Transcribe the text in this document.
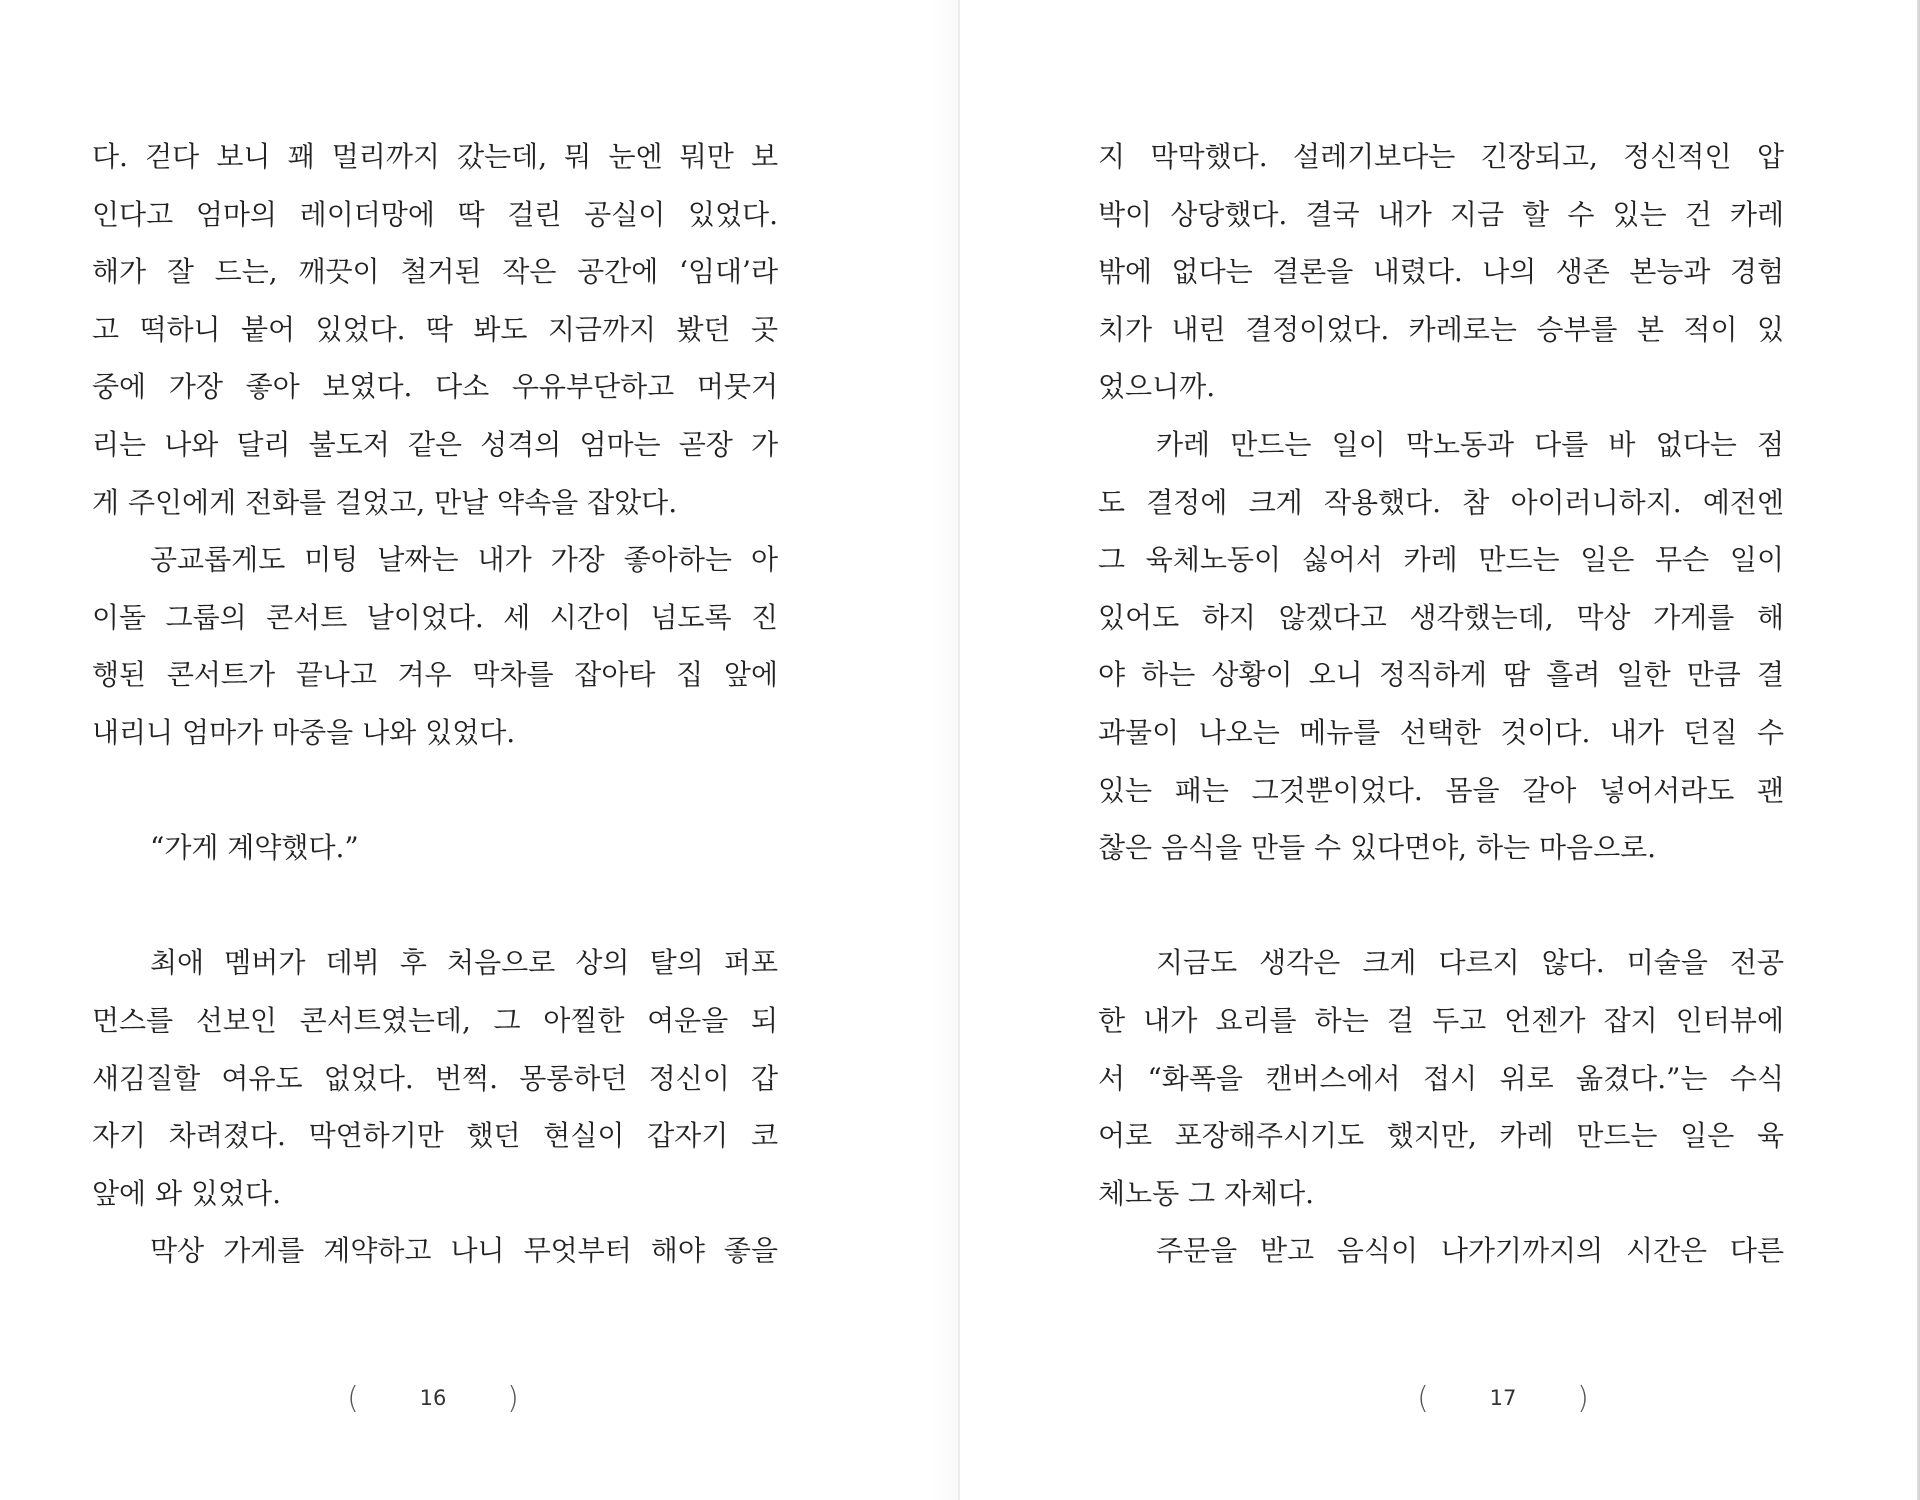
다. 걷다 보니 꽤 멀리까지 갔는데, 뭐 눈엔 뭐만 보
인다고 엄마의 레이더망에 딱 걸린 공실이 있었다.
해가 잘 드는, 깨끗이 철거된 작은 공간에 ‘임대’라
고 떡하니 붙어 있었다. 딱 봐도 지금까지 봤던 곳
중에 가장 좋아 보였다. 다소 우유부단하고 머뭇거
리는 나와 달리 불도저 같은 성격의 엄마는 곧장 가
게 주인에게 전화를 걸었고, 만날 약속을 잡았다.
공교롭게도 미팅 날짜는 내가 가장 좋아하는 아
이돌 그룹의 콘서트 날이었다. 세 시간이 넘도록 진
행된 콘서트가 끝나고 겨우 막차를 잡아타 집 앞에
내리니 엄마가 마중을 나와 있었다.
“가게 계약했다.”
최애 멤버가 데뷔 후 처음으로 상의 탈의 퍼포
먼스를 선보인 콘서트였는데, 그 아찔한 여운을 되
새김질할 여유도 없었다. 번쩍. 몽롱하던 정신이 갑
자기 차려졌다. 막연하기만 했던 현실이 갑자기 코
앞에 와 있었다.
막상 가게를 계약하고 나니 무엇부터 해야 좋을
(	16	)
지 막막했다. 설레기보다는 긴장되고, 정신적인 압
박이 상당했다. 결국 내가 지금 할 수 있는 건 카레
밖에 없다는 결론을 내렸다. 나의 생존 본능과 경험
치가 내린 결정이었다. 카레로는 승부를 본 적이 있
었으니까.
카레 만드는 일이 막노동과 다를 바 없다는 점
도 결정에 크게 작용했다. 참 아이러니하지. 예전엔
그 육체노동이 싫어서 카레 만드는 일은 무슨 일이
있어도 하지 않겠다고 생각했는데, 막상 가게를 해
야 하는 상황이 오니 정직하게 땀 흘려 일한 만큼 결
과물이 나오는 메뉴를 선택한 것이다. 내가 던질 수
있는 패는 그것뿐이었다. 몸을 갈아 넣어서라도 괜
찮은 음식을 만들 수 있다면야, 하는 마음으로.
지금도 생각은 크게 다르지 않다. 미술을 전공
한 내가 요리를 하는 걸 두고 언젠가 잡지 인터뷰에
서 “화폭을 캔버스에서 접시 위로 옮겼다.”는 수식
어로 포장해주시기도 했지만, 카레 만드는 일은 육
체노동 그 자체다.
주문을 받고 음식이 나가기까지의 시간은 다른
(	17	)
